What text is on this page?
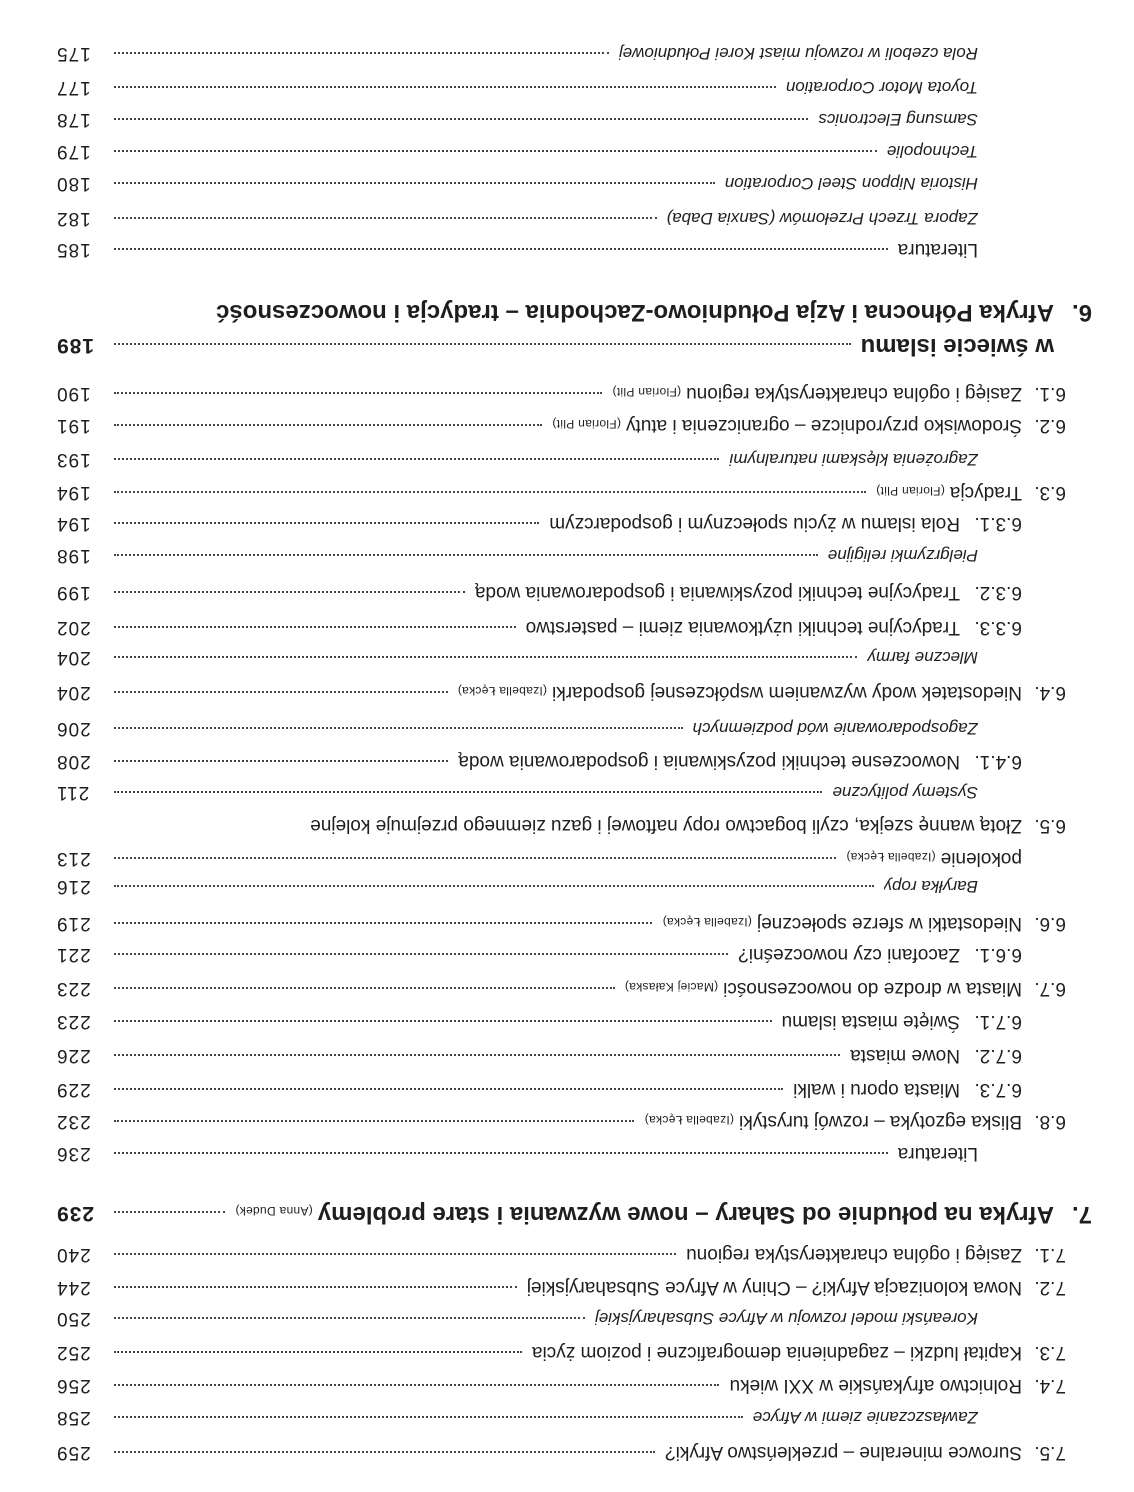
7.5.
Surowce mineralne – przekleństwo Afryki?
259
Zawłaszczanie ziemi w Afryce
258
7.4.
Rolnictwo afrykańskie w XXI wieku
256
7.3.
Kapitał ludzki – zagadnienia demograficzne i poziom życia
252
Koreański model rozwoju w Afryce Subsaharyjskiej
250
7.2.
Nowa kolonizacja Afryki? – Chiny w Afryce Subsaharyjskiej
244
7.1.
Zasięg i ogólna charakterystyka regionu
240
7.
Afryka na południe od Sahary – nowe wyzwania i stare problemy
(Anna Dudek)
239
Literatura
236
6.8.
Bliska egzotyka – rozwój turystyki
(Izabella Łęcka)
232
6.7.3.
Miasta oporu i walki
229
6.7.2.
Nowe miasta
226
6.7.1.
Święte miasta islamu
223
6.7.
Miasta w drodze do nowoczesności
(Maciej Kałaska)
223
6.6.1.
Zacofani czy nowocześni?
221
6.6.
Niedostatki w sferze społecznej
(Izabella Łęcka)
219
Baryłka ropy
216
pokolenie
(Izabella Łęcka)
213
6.5.
Złotą wannę szejka, czyli bogactwo ropy naftowej i gazu ziemnego przejmuje kolejne
Systemy polityczne
211
6.4.1.
Nowoczesne techniki pozyskiwania i gospodarowania wodą
208
Zagospodarowanie wód podziemnych
206
6.4.
Niedostatek wody wyzwaniem współczesnej gospodarki
(Izabella Łęcka)
204
Mleczne farmy
204
6.3.3.
Tradycyjne techniki użytkowania ziemi – pasterstwo
202
6.3.2.
Tradycyjne techniki pozyskiwania i gospodarowania wodą
199
Pielgrzymki religijne
198
6.3.1.
Rola islamu w życiu społecznym i gospodarczym
194
6.3.
Tradycja
(Florian Plit)
194
Zagrożenia klęskami naturalnymi
193
6.2.
Środowisko przyrodnicze – ograniczenia i atuty
(Florian Plit)
191
6.1.
Zasięg i ogólna charakterystyka regionu
(Florian Plit)
190
w świecie islamu
189
6.
Afryka Północna i Azja Południowo-Zachodnia – tradycja i nowoczesność
Literatura
185
Zapora Trzech Przełomów (Sanxia Daba)
182
Historia Nippon Steel Corporation
180
Technopolie
179
Samsung Electronics
178
Toyota Motor Corporation
177
Rola czeboli w rozwoju miast Korei Południowej
175
